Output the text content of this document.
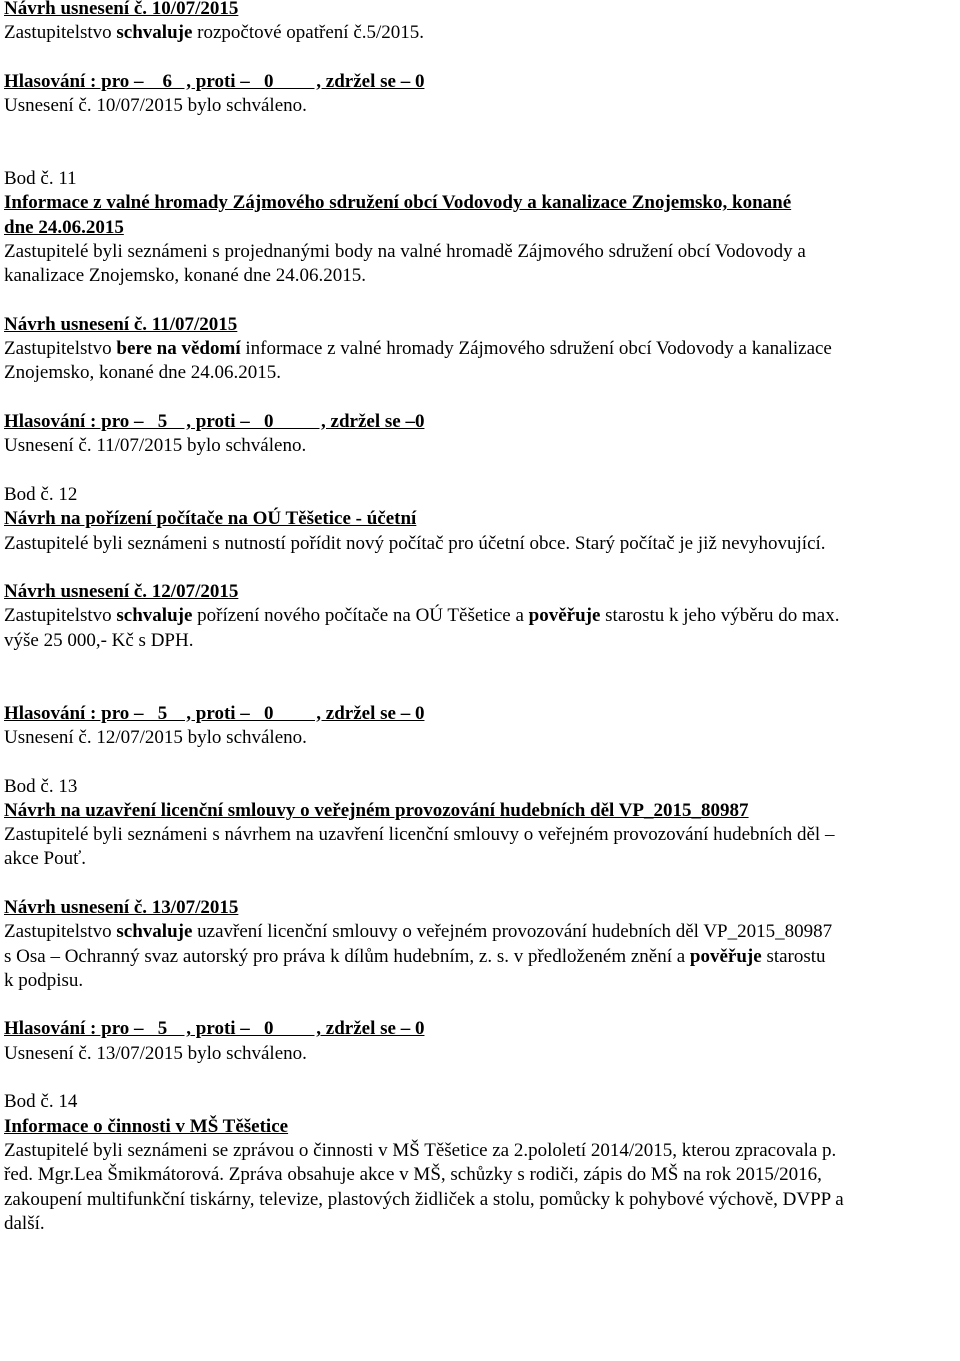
Návrh usnesení č. 10/07/2015
Zastupitelstvo schvaluje rozpočtové opatření č.5/2015.
Hlasování : pro –    6   , proti –   0         , zdržel se – 0
Usnesení č. 10/07/2015 bylo schváleno.
Bod č. 11
Informace z valné hromady Zájmového sdružení obcí Vodovody a kanalizace Znojemsko, konané
dne 24.06.2015
Zastupitelé byli seznámeni s projednanými body na valné hromadě Zájmového sdružení obcí Vodovody a
kanalizace Znojemsko, konané dne 24.06.2015.
Návrh usnesení č. 11/07/2015
Zastupitelstvo bere na vědomí informace z valné hromady Zájmového sdružení obcí Vodovody a kanalizace
Znojemsko, konané dne 24.06.2015.
Hlasování : pro –   5    , proti –   0          , zdržel se –0
Usnesení č. 11/07/2015 bylo schváleno.
Bod č. 12
Návrh na pořízení počítače na OÚ Těšetice - účetní
Zastupitelé byli seznámeni s nutností pořídit nový počítač pro účetní obce. Starý počítač je již nevyhovující.
Návrh usnesení č. 12/07/2015
Zastupitelstvo schvaluje pořízení nového počítače na OÚ Těšetice a pověřuje starostu k jeho výběru do max.
výše 25 000,- Kč s DPH.
Hlasování : pro –   5    , proti –   0         , zdržel se – 0
Usnesení č. 12/07/2015 bylo schváleno.
Bod č. 13
Návrh na uzavření licenční smlouvy o veřejném provozování hudebních děl VP_2015_80987
Zastupitelé byli seznámeni s návrhem na uzavření licenční smlouvy o veřejném provozování hudebních děl –
akce Pouť.
Návrh usnesení č. 13/07/2015
Zastupitelstvo schvaluje uzavření licenční smlouvy o veřejném provozování hudebních děl VP_2015_80987
s Osa – Ochranný svaz autorský pro práva k dílům hudebním, z. s. v předloženém znění a pověřuje starostu
k podpisu.
Hlasování : pro –   5    , proti –   0         , zdržel se – 0
Usnesení č. 13/07/2015 bylo schváleno.
Bod č. 14
Informace o činnosti v MŠ Těšetice
Zastupitelé byli seznámeni se zprávou o činnosti v MŠ Těšetice za 2.pololetí 2014/2015, kterou zpracovala p.
řed. Mgr.Lea Šmikmátorová. Zpráva obsahuje akce v MŠ, schůzky s rodiči, zápis do MŠ na rok 2015/2016,
zakoupení multifunkční tiskárny, televize, plastových židliček a stolu, pomůcky k pohybové výchově, DVPP a
další.
